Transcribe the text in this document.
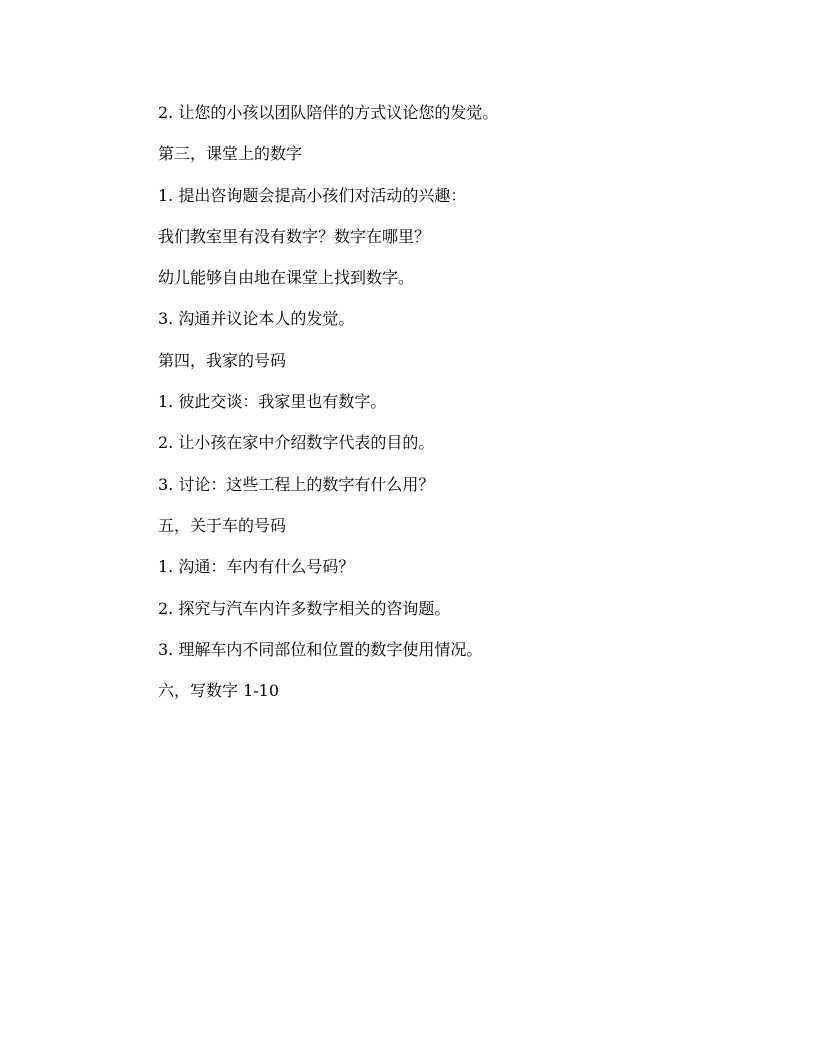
2. 让您的小孩以团队陪伴的方式议论您的发觉。

第三，课堂上的数字

1. 提出咨询题会提高小孩们对活动的兴趣：

我们教室里有没有数字？数字在哪里？

幼儿能够自由地在课堂上找到数字。

3. 沟通并议论本人的发觉。

第四，我家的号码

1. 彼此交谈：我家里也有数字。

2. 让小孩在家中介绍数字代表的目的。

3. 讨论：这些工程上的数字有什么用？

五，关于车的号码

1. 沟通：车内有什么号码？

2. 探究与汽车内许多数字相关的咨询题。

3. 理解车内不同部位和位置的数字使用情况。

六，写数字 1-10
